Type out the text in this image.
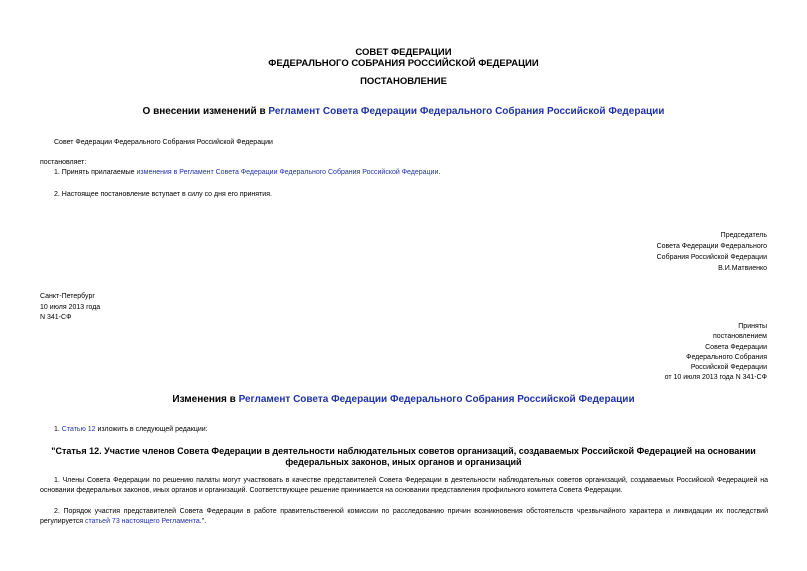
СОВЕТ ФЕДЕРАЦИИ
ФЕДЕРАЛЬНОГО СОБРАНИЯ РОССИЙСКОЙ ФЕДЕРАЦИИ
ПОСТАНОВЛЕНИЕ
О внесении изменений в Регламент Совета Федерации Федерального Собрания Российской Федерации
Совет Федерации Федерального Собрания Российской Федерации
постановляет:
1. Принять прилагаемые изменения в Регламент Совета Федерации Федерального Собрания Российской Федерации.
2. Настоящее постановление вступает в силу со дня его принятия.
Председатель
Совета Федерации Федерального
Собрания Российской Федерации
В.И.Матвиенко
Санкт-Петербург
10 июля 2013 года
N 341-СФ
Приняты
постановлением
Совета Федерации
Федерального Собрания
Российской Федерации
от 10 июля 2013 года N 341-СФ
Изменения в Регламент Совета Федерации Федерального Собрания Российской Федерации
1. Статью 12 изложить в следующей редакции:
"Статья 12. Участие членов Совета Федерации в деятельности наблюдательных советов организаций, создаваемых Российской Федерацией на основании
федеральных законов, иных органов и организаций
1. Члены Совета Федерации по решению палаты могут участвовать в качестве представителей Совета Федерации в деятельности наблюдательных советов организаций, создаваемых Российской Федерацией на основании федеральных законов, иных органов и организаций. Соответствующее решение принимается на основании представления профильного комитета Совета Федерации.
2. Порядок участия представителей Совета Федерации в работе правительственной комиссии по расследованию причин возникновения обстоятельств чрезвычайного характера и ликвидации их последствий регулируется статьей 73 настоящего Регламента.".
